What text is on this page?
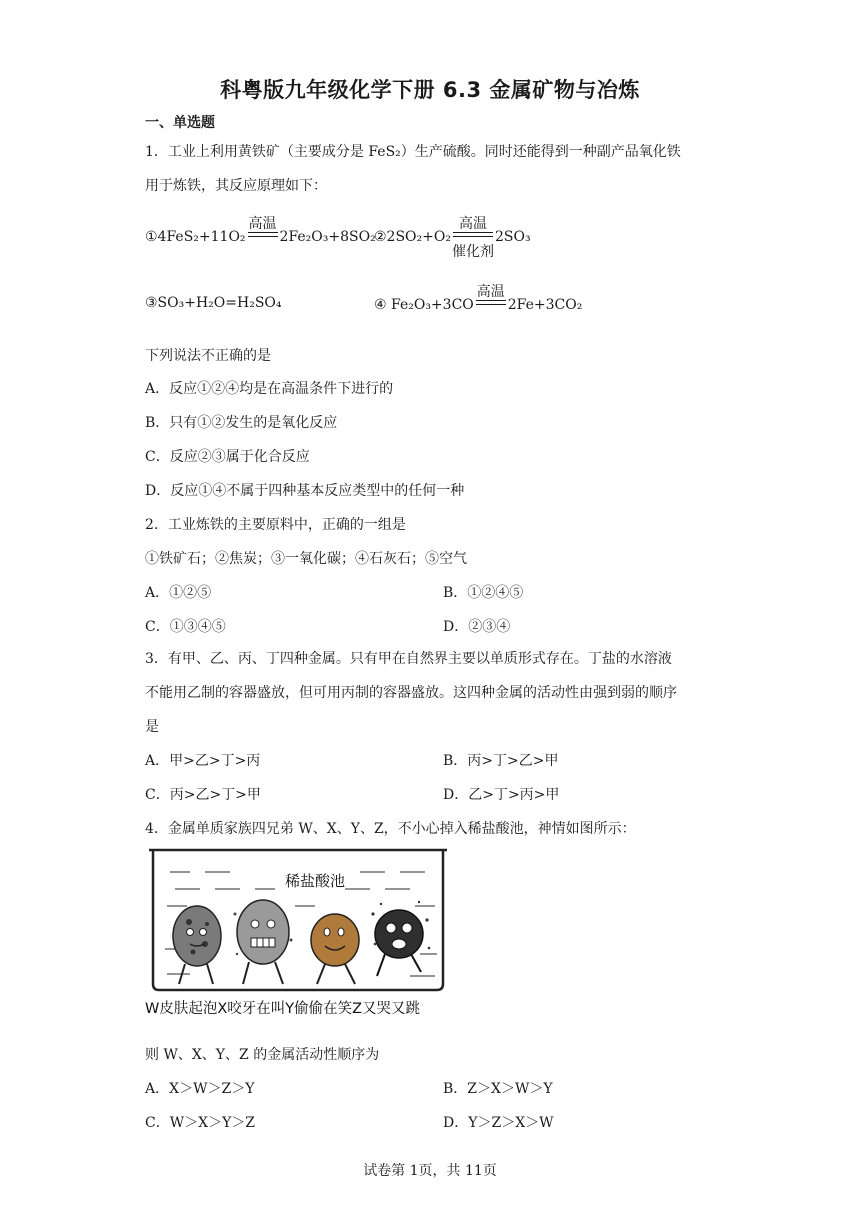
科粤版九年级化学下册 6.3 金属矿物与冶炼
一、单选题
1．工业上利用黄铁矿（主要成分是 FeS₂）生产硫酸。同时还能得到一种副产品氧化铁
用于炼铁，其反应原理如下：
①4FeS₂+11O₂
高温
2Fe₂O₃+8SO₂
②2SO₂+O₂
高温
催化剂
2SO₃
③SO₃+H₂O=H₂SO₄	④ Fe₂O₃+3CO
高温
2Fe+3CO₂
下列说法不正确的是
A．反应①②④均是在高温条件下进行的
B．只有①②发生的是氧化反应
C．反应②③属于化合反应
D．反应①④不属于四种基本反应类型中的任何一种
2．工业炼铁的主要原料中，正确的一组是
①铁矿石；②焦炭；③一氧化碳；④石灰石；⑤空气
A．①②⑤	B．①②④⑤
C．①③④⑤	D．②③④
3．有甲、乙、丙、丁四种金属。只有甲在自然界主要以单质形式存在。丁盐的水溶液
不能用乙制的容器盛放，但可用丙制的容器盛放。这四种金属的活动性由强到弱的顺序
是
A．甲>乙>丁>丙	B．丙>丁>乙>甲
C．丙>乙>丁>甲	D．乙>丁>丙>甲
4．金属单质家族四兄弟 W、X、Y、Z，不小心掉入稀盐酸池，神情如图所示：
稀盐酸池
W皮肤起泡X咬牙在叫Y偷偷在笑Z又哭又跳
则 W、X、Y、Z 的金属活动性顺序为
A．X＞W＞Z＞Y	B．Z＞X＞W＞Y
C．W＞X＞Y＞Z	D．Y＞Z＞X＞W
试卷第 1页，共 11页
